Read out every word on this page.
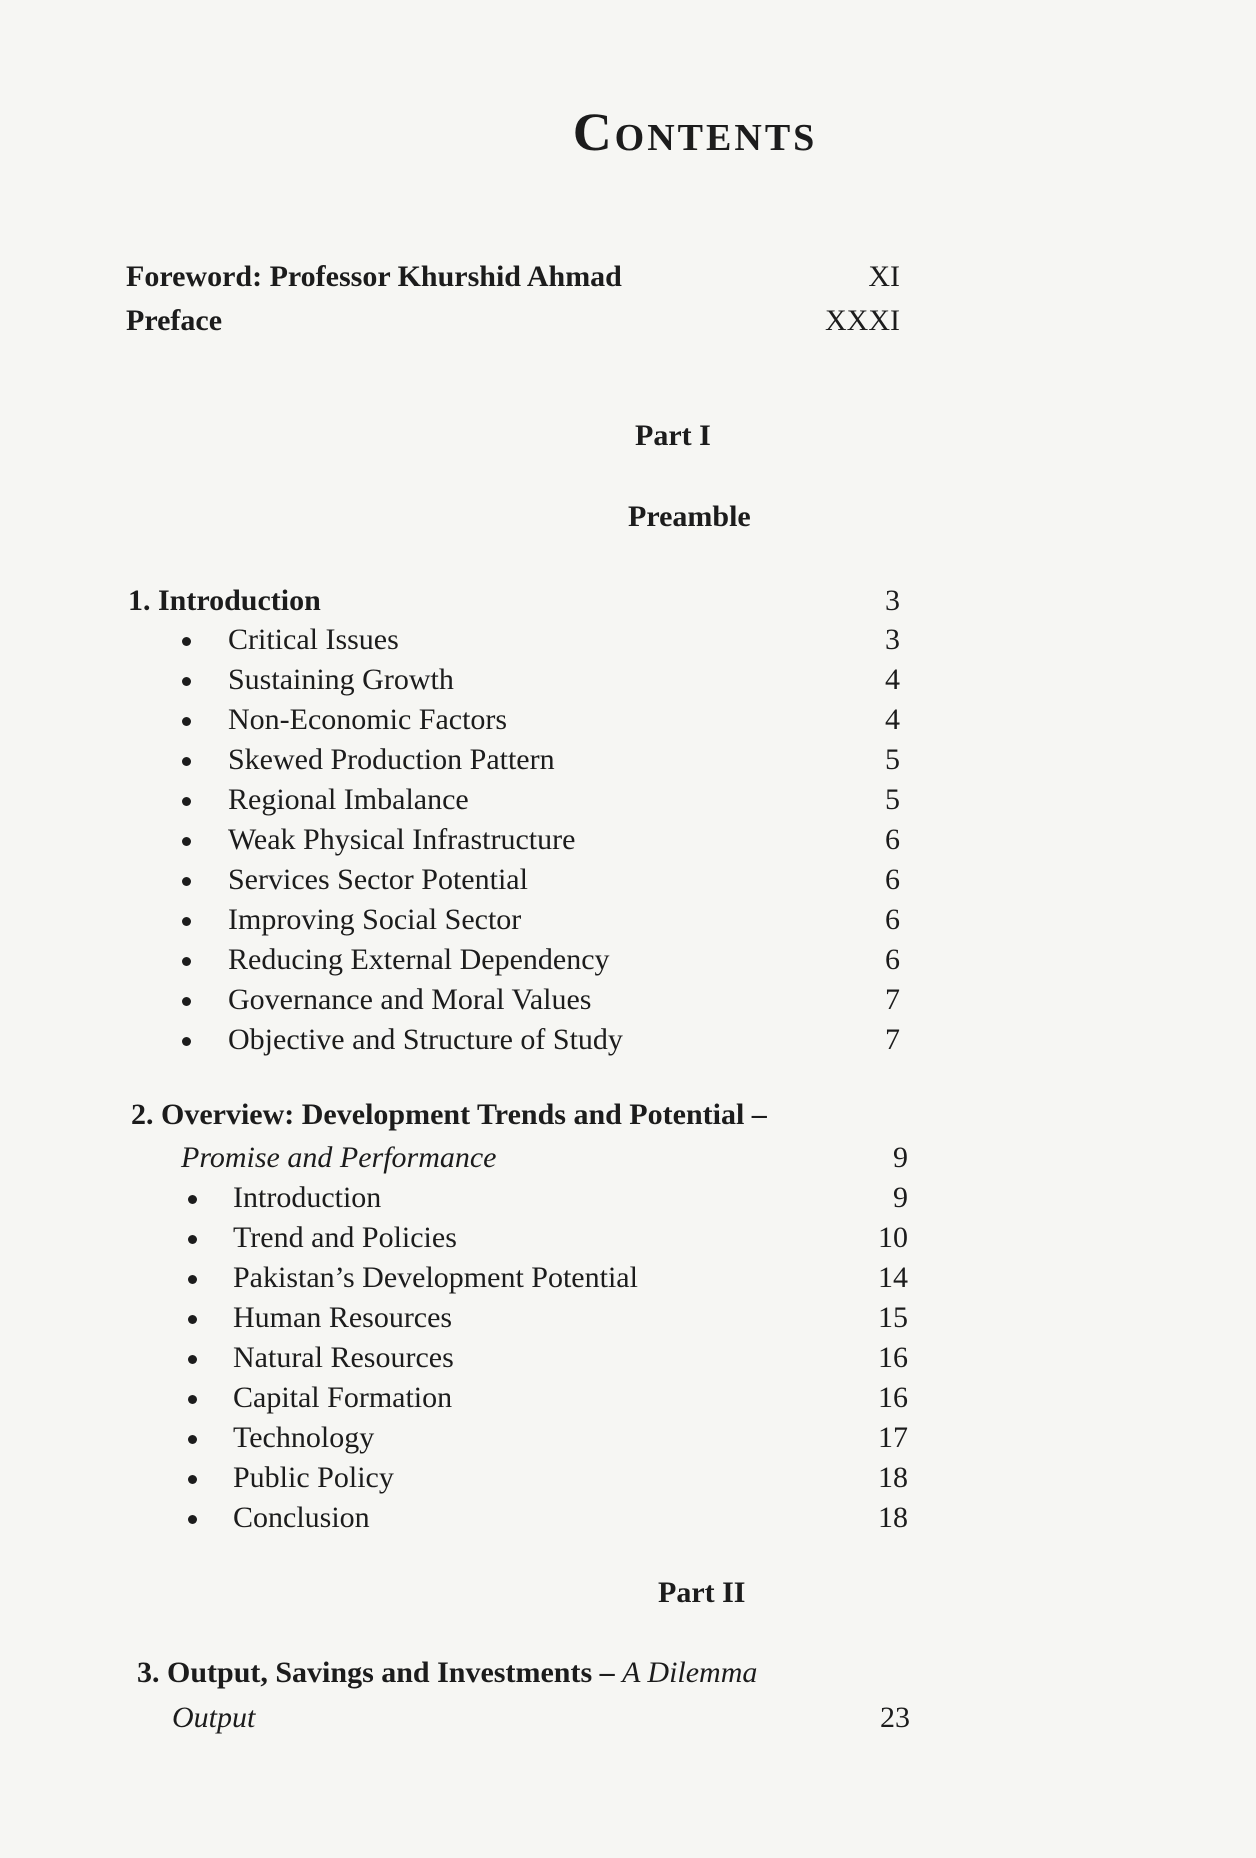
Contents
Foreword: Professor Khurshid Ahmad	XI
Preface	XXXI
Part I
Preamble
1. Introduction	3
Critical Issues	3
Sustaining Growth	4
Non-Economic Factors	4
Skewed Production Pattern	5
Regional Imbalance	5
Weak Physical Infrastructure	6
Services Sector Potential	6
Improving Social Sector	6
Reducing External Dependency	6
Governance and Moral Values	7
Objective and Structure of Study	7
2. Overview: Development Trends and Potential –
Promise and Performance	9
Introduction	9
Trend and Policies	10
Pakistan’s Development Potential	14
Human Resources	15
Natural Resources	16
Capital Formation	16
Technology	17
Public Policy	18
Conclusion	18
Part II
3. Output, Savings and Investments – A Dilemma
Output	23
